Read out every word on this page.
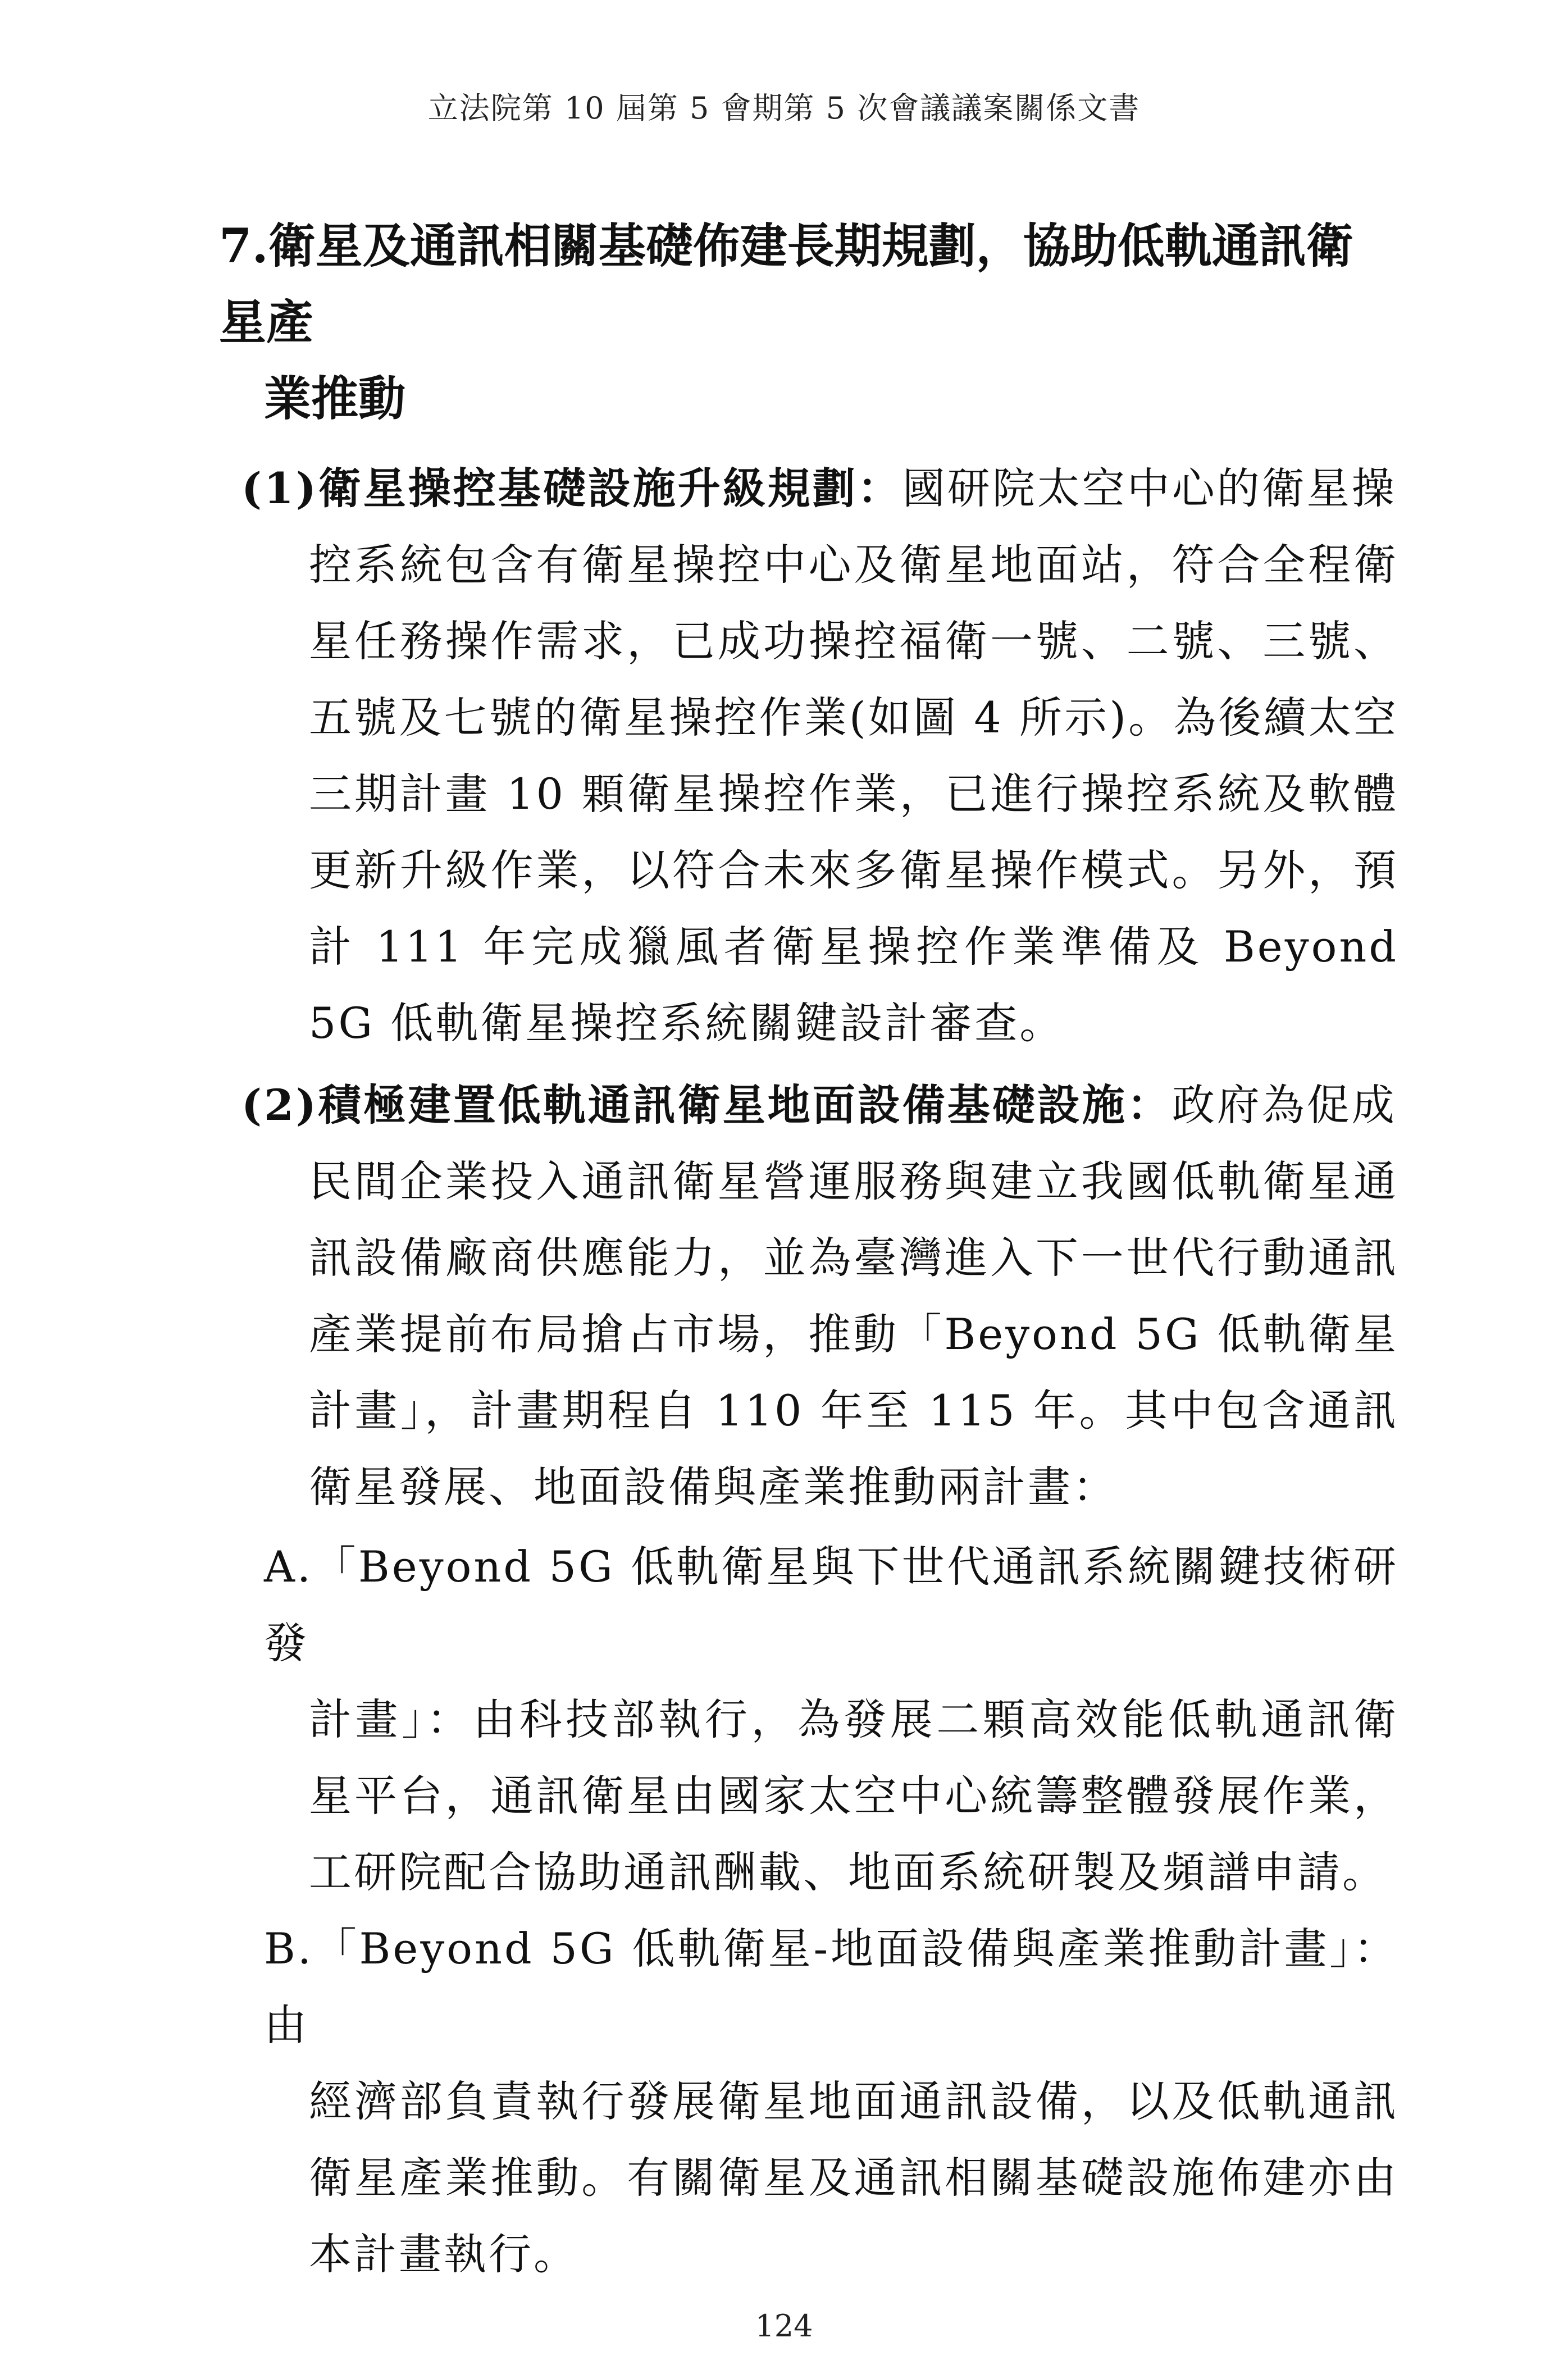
立法院第 10 屆第 5 會期第 5 次會議議案關係文書
7.衛星及通訊相關基礎佈建長期規劃，協助低軌通訊衛星產
業推動
(1)衛星操控基礎設施升級規劃：國研院太空中心的衛星操
控系統包含有衛星操控中心及衛星地面站，符合全程衛星任務操作需求，已成功操控福衛一號、二號、三號、五號及七號的衛星操控作業(如圖 4 所示)。為後續太空三期計畫 10 顆衛星操控作業，已進行操控系統及軟體更新升級作業，以符合未來多衛星操作模式。另外，預計 111 年完成獵風者衛星操控作業準備及 Beyond 5G 低軌衛星操控系統關鍵設計審查。
(2)積極建置低軌通訊衛星地面設備基礎設施：政府為促成
民間企業投入通訊衛星營運服務與建立我國低軌衛星通訊設備廠商供應能力，並為臺灣進入下一世代行動通訊產業提前布局搶占市場，推動「Beyond 5G 低軌衛星計畫」，計畫期程自 110 年至 115 年。其中包含通訊衛星發展、地面設備與產業推動兩計畫：
A.「Beyond 5G 低軌衛星與下世代通訊系統關鍵技術研發
計畫」：由科技部執行，為發展二顆高效能低軌通訊衛星平台，通訊衛星由國家太空中心統籌整體發展作業，工研院配合協助通訊酬載、地面系統研製及頻譜申請。
B.「Beyond 5G 低軌衛星-地面設備與產業推動計畫」：由
經濟部負責執行發展衛星地面通訊設備，以及低軌通訊衛星產業推動。有關衛星及通訊相關基礎設施佈建亦由本計畫執行。
124
